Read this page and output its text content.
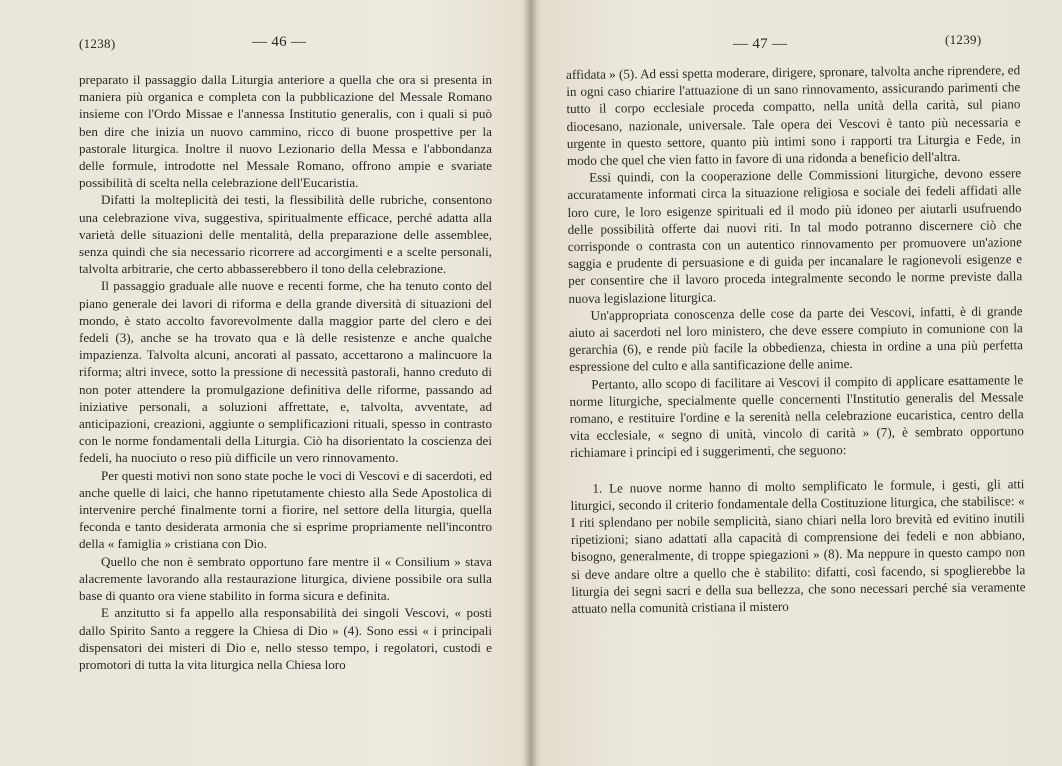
(1238)	— 46 —

preparato il passaggio dalla Liturgia anteriore a quella che ora si presenta in maniera più organica e completa con la pubblicazione del Messale Romano insieme con l'Ordo Missae e l'annessa Institutio generalis, con i quali si può ben dire che inizia un nuovo cammino, ricco di buone prospettive per la pastorale liturgica. Inoltre il nuovo Lezionario della Messa e l'abbondanza delle formule, introdotte nel Messale Romano, offrono ampie e svariate possibilità di scelta nella celebrazione dell'Eucaristia.

Difatti la molteplicità dei testi, la flessibilità delle rubriche, consentono una celebrazione viva, suggestiva, spiritualmente efficace, perché adatta alla varietà delle situazioni delle mentalità, della preparazione delle assemblee, senza quindi che sia necessario ricorrere ad accorgimenti e a scelte personali, talvolta arbitrarie, che certo abbasserebbero il tono della celebrazione.

Il passaggio graduale alle nuove e recenti forme, che ha tenuto conto del piano generale dei lavori di riforma e della grande diversità di situazioni del mondo, è stato accolto favorevolmente dalla maggior parte del clero e dei fedeli (3), anche se ha trovato qua e là delle resistenze e anche qualche impazienza. Talvolta alcuni, ancorati al passato, accettarono a malincuore la riforma; altri invece, sotto la pressione di necessità pastorali, hanno creduto di non poter attendere la promulgazione definitiva delle riforme, passando ad iniziative personali, a soluzioni affrettate, e, talvolta, avventate, ad anticipazioni, creazioni, aggiunte o semplificazioni rituali, spesso in contrasto con le norme fondamentali della Liturgia. Ciò ha disorientato la coscienza dei fedeli, ha nuociuto o reso più difficile un vero rinnovamento.

Per questi motivi non sono state poche le voci di Vescovi e di sacerdoti, ed anche quelle di laici, che hanno ripetutamente chiesto alla Sede Apostolica di intervenire perché finalmente torni a fiorire, nel settore della liturgia, quella feconda e tanto desiderata armonia che si esprime propriamente nell'incontro della « famiglia » cristiana con Dio.

Quello che non è sembrato opportuno fare mentre il « Consilium » stava alacremente lavorando alla restaurazione liturgica, diviene possibile ora sulla base di quanto ora viene stabilito in forma sicura e definita.

E anzitutto si fa appello alla responsabilità dei singoli Vescovi, « posti dallo Spirito Santo a reggere la Chiesa di Dio » (4). Sono essi « i principali dispensatori dei misteri di Dio e, nello stesso tempo, i regolatori, custodi e promotori di tutta la vita liturgica nella Chiesa loro

— 47 —	(1239)

affidata » (5). Ad essi spetta moderare, dirigere, spronare, talvolta anche riprendere, ed in ogni caso chiarire l'attuazione di un sano rinnovamento, assicurando parimenti che tutto il corpo ecclesiale proceda compatto, nella unità della carità, sul piano diocesano, nazionale, universale. Tale opera dei Vescovi è tanto più necessaria e urgente in questo settore, quanto più intimi sono i rapporti tra Liturgia e Fede, in modo che quel che vien fatto in favore di una ridonda a beneficio dell'altra.

Essi quindi, con la cooperazione delle Commissioni liturgiche, devono essere accuratamente informati circa la situazione religiosa e sociale dei fedeli affidati alle loro cure, le loro esigenze spirituali ed il modo più idoneo per aiutarli usufruendo delle possibilità offerte dai nuovi riti. In tal modo potranno discernere ciò che corrisponde o contrasta con un autentico rinnovamento per promuovere un'azione saggia e prudente di persuasione e di guida per incanalare le ragionevoli esigenze e per consentire che il lavoro proceda integralmente secondo le norme previste dalla nuova legislazione liturgica.

Un'appropriata conoscenza delle cose da parte dei Vescovi, infatti, è di grande aiuto ai sacerdoti nel loro ministero, che deve essere compiuto in comunione con la gerarchia (6), e rende più facile la obbedienza, chiesta in ordine a una più perfetta espressione del culto e alla santificazione delle anime.

Pertanto, allo scopo di facilitare ai Vescovi il compito di applicare esattamente le norme liturgiche, specialmente quelle concernenti l'Institutio generalis del Messale romano, e restituire l'ordine e la serenità nella celebrazione eucaristica, centro della vita ecclesiale, « segno di unità, vincolo di carità » (7), è sembrato opportuno richiamare i principi ed i suggerimenti, che seguono:

1. Le nuove norme hanno di molto semplificato le formule, i gesti, gli atti liturgici, secondo il criterio fondamentale della Costituzione liturgica, che stabilisce: « I riti splendano per nobile semplicità, siano chiari nella loro brevità ed evitino inutili ripetizioni; siano adattati alla capacità di comprensione dei fedeli e non abbiano, bisogno, generalmente, di troppe spiegazioni » (8). Ma neppure in questo campo non si deve andare oltre a quello che è stabilito: difatti, così facendo, si spoglierebbe la liturgia dei segni sacri e della sua bellezza, che sono necessari perché sia veramente attuato nella comunità cristiana il mistero
